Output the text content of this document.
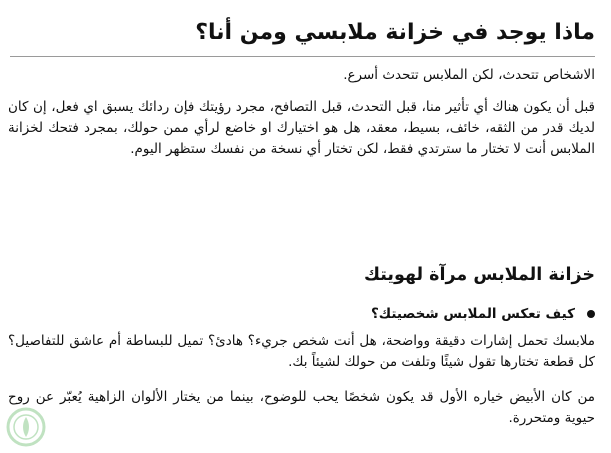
ماذا يوجد في خزانة ملابسي ومن أنا؟

الاشخاص تتحدث، لكن الملابس تتحدث أسرع.

قبل أن يكون هناك أي تأثير منا، قبل التحدث، قبل التصافح، مجرد رؤيتك فإن ردائك يسبق اي فعل، إن كان لديك قدر من الثقه، خائف، بسيط، معقد، هل هو اختيارك او خاضع لرأي ممن حولك، بمجرد فتحك لخزانة الملابس أنت لا تختار ما سترتدي فقط، لكن تختار أي نسخة من نفسك ستظهر اليوم.

خزانة الملابس مرآة لهويتك
كيف تعكس الملابس شخصيتك؟

ملابسك تحمل إشارات دقيقة وواضحة، هل أنت شخص جريء؟ هادئ؟ تميل للبساطة أم عاشق للتفاصيل؟ كل قطعة تختارها تقول شيئًا وتلفت من حولك لشيئاً بك.

من كان الأبيض خياره الأول قد يكون شخصًا يحب للوضوح، بينما من يختار الألوان الزاهية يُعبّر عن روح حيوية ومتحررة.
